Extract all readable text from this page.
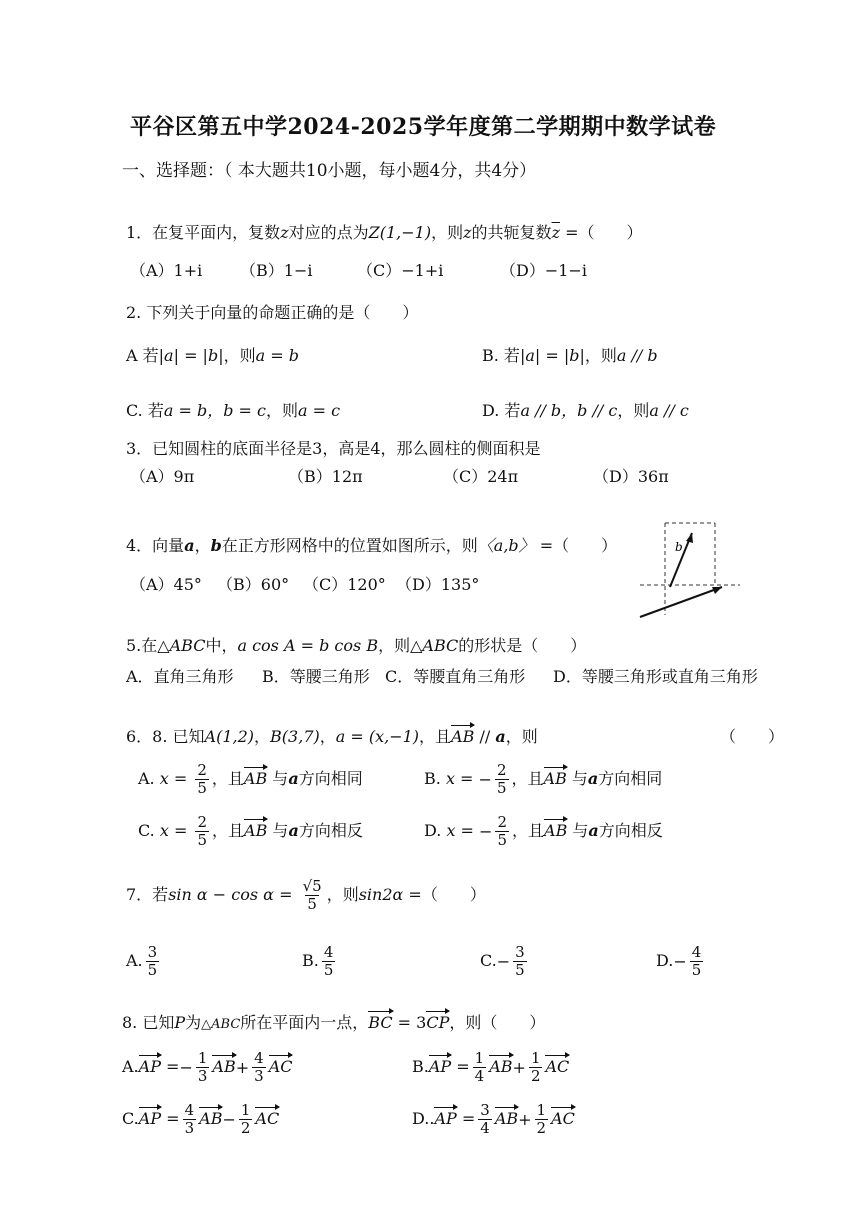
平谷区第五中学2024-2025学年度第二学期期中数学试卷
一、选择题：（ 本大题共10小题，每小题4分，共4分）
1．在复平面内，复数z对应的点为Z(1,−1)，则z的共轭复数$\overline{z}$ =（　　）
（A）1+i （B）1−i	（C）−1+i	（D）−1−i
2. 下列关于向量的命题正确的是（　　）
A 若|a| = |b|，则a = b	B. 若|a| = |b|，则a // b
C. 若a = b，b = c，则a = c	D. 若a // b，b // c，则a // c
3．已知圆柱的底面半径是3，高是4，那么圆柱的侧面积是
（A）9π	（B）12π	（C）24π	（D）36π
4．向量a，b在正方形网格中的位置如图所示，则〈a,b〉 =（　　）
（A）45° （B）60° （C）120° （D）135°
b
5.在△ABC中，a cos A = b cos B，则△ABC的形状是（　　）
A．直角三角形 B．等腰三角形 C．等腰直角三角形 D．等腰三角形或直角三角形
6．8. 已知A(1,2)，B(3,7)，a = (x,−1)，且AB // a，则	（　　）
A. $x = \frac{2}{5}$ ，且AB 与a方向相同	B. x = − $\frac{2}{5}$ ，且AB 与a方向相同
C. $x = \frac{2}{5}$ ，且AB 与a方向相反	D. x = − $\frac{2}{5}$ ，且AB 与a方向相反
7．若$\sin \alpha - \cos \alpha = \frac{√5}{5}$ ，则sin2α =（　　）
A. $\frac{3}{5}$	B. $\frac{4}{5}$	$C.- \frac{3}{5}$	$D.- \frac{4}{5}$
8. 已知P为△ABC所在平面内一点，BC = 3CP，则（　　）
$A.AP =- \frac{1}{3} AB+ \frac{4}{3}$ AC	$B.AP = \frac{1}{4} AB+ \frac{1}{2}$ AC
$C.AP = \frac{4}{3} AB- \frac{1}{2}$ AC	$D..AP = \frac{3}{4} AB+ \frac{1}{2}$ AC
